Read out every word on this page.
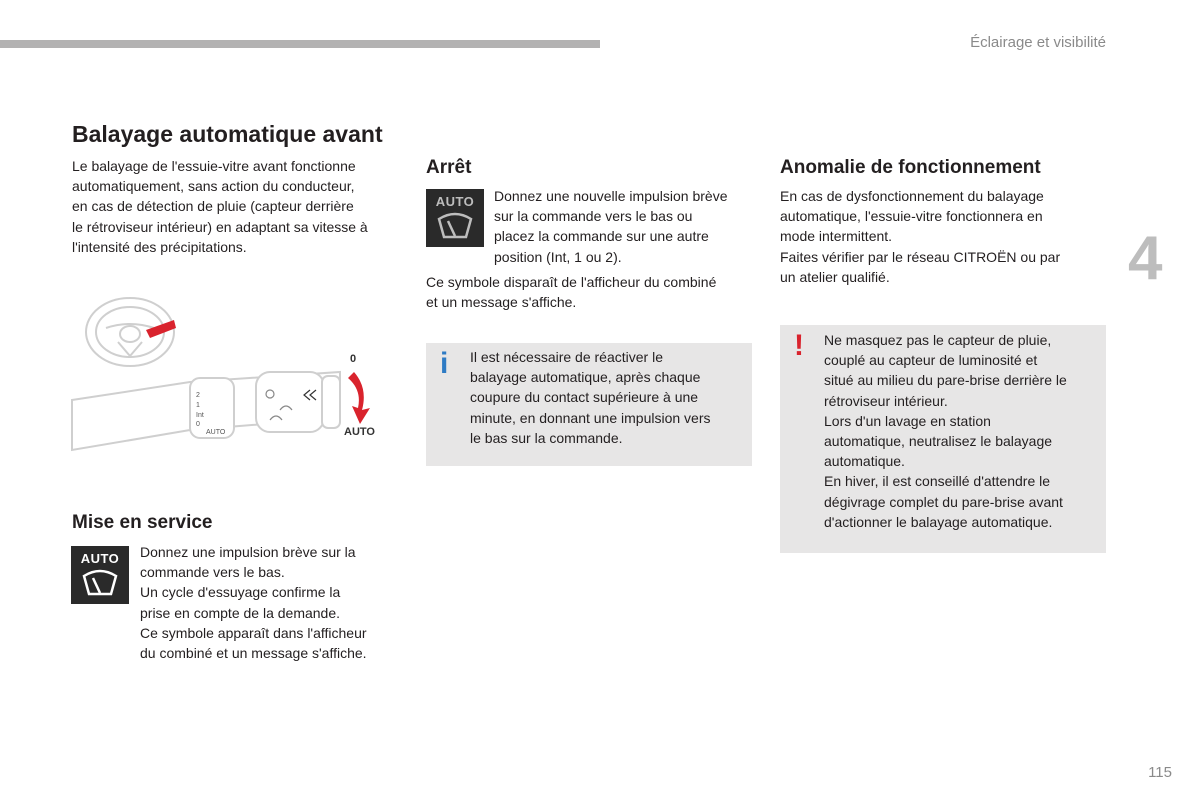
Éclairage et visibilité
4
115
Balayage automatique avant
Le balayage de l'essuie-vitre avant fonctionne
automatiquement, sans action du conducteur,
en cas de détection de pluie (capteur derrière
le rétroviseur intérieur) en adaptant sa vitesse à
l'intensité des précipitations.
2
1
Int
0
AUTO
0
AUTO
Mise en service
AUTO	Donnez une impulsion brève sur la
commande vers le bas.
Un cycle d'essuyage confirme la
prise en compte de la demande.
Ce symbole apparaît dans l'afficheur
du combiné et un message s'affiche.
Arrêt
AUTO	Donnez une nouvelle impulsion brève
sur la commande vers le bas ou
placez la commande sur une autre
position (Int, 1 ou 2).
Ce symbole disparaît de l'afficheur du combiné
et un message s'affiche.
i Il est nécessaire de réactiver le
balayage automatique, après chaque
coupure du contact supérieure à une
minute, en donnant une impulsion vers
le bas sur la commande.
Anomalie de fonctionnement
En cas de dysfonctionnement du balayage
automatique, l'essuie-vitre fonctionnera en
mode intermittent.
Faites vérifier par le réseau CITROËN ou par
un atelier qualifié.
! Ne masquez pas le capteur de pluie,
couplé au capteur de luminosité et
situé au milieu du pare-brise derrière le
rétroviseur intérieur.
Lors d'un lavage en station
automatique, neutralisez le balayage
automatique.
En hiver, il est conseillé d'attendre le
dégivrage complet du pare-brise avant
d'actionner le balayage automatique.
